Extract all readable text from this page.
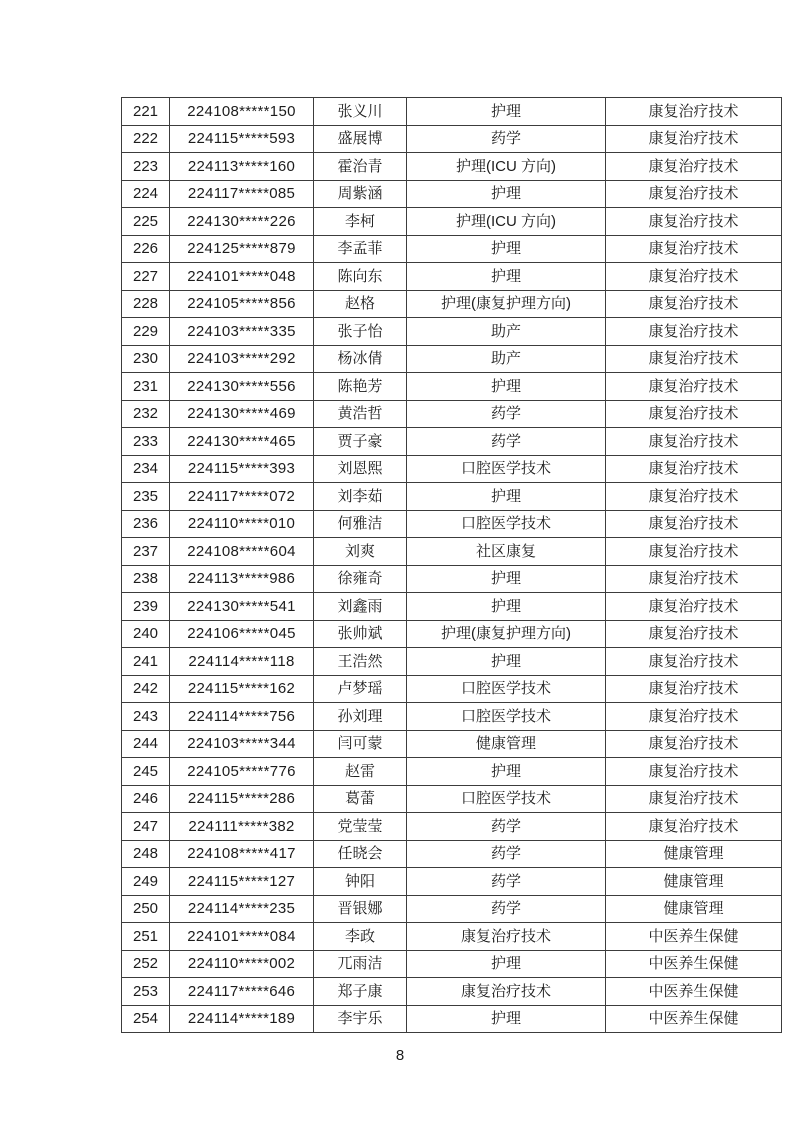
221	224108*****150	张义川	护理	康复治疗技术
222	224115*****593	盛展博	药学	康复治疗技术
223	224113*****160	霍治青	护理(ICU 方向)	康复治疗技术
224	224117*****085	周紫涵	护理	康复治疗技术
225	224130*****226	李柯	护理(ICU 方向)	康复治疗技术
226	224125*****879	李孟菲	护理	康复治疗技术
227	224101*****048	陈向东	护理	康复治疗技术
228	224105*****856	赵格	护理(康复护理方向)	康复治疗技术
229	224103*****335	张子怡	助产	康复治疗技术
230	224103*****292	杨冰倩	助产	康复治疗技术
231	224130*****556	陈艳芳	护理	康复治疗技术
232	224130*****469	黄浩哲	药学	康复治疗技术
233	224130*****465	贾子豪	药学	康复治疗技术
234	224115*****393	刘恩熙	口腔医学技术	康复治疗技术
235	224117*****072	刘李茹	护理	康复治疗技术
236	224110*****010	何雅洁	口腔医学技术	康复治疗技术
237	224108*****604	刘爽	社区康复	康复治疗技术
238	224113*****986	徐雍奇	护理	康复治疗技术
239	224130*****541	刘鑫雨	护理	康复治疗技术
240	224106*****045	张帅斌	护理(康复护理方向)	康复治疗技术
241	224114*****118	王浩然	护理	康复治疗技术
242	224115*****162	卢梦瑶	口腔医学技术	康复治疗技术
243	224114*****756	孙刘理	口腔医学技术	康复治疗技术
244	224103*****344	闫可蒙	健康管理	康复治疗技术
245	224105*****776	赵雷	护理	康复治疗技术
246	224115*****286	葛蕾	口腔医学技术	康复治疗技术
247	224111*****382	党莹莹	药学	康复治疗技术
248	224108*****417	任晓会	药学	健康管理
249	224115*****127	钟阳	药学	健康管理
250	224114*****235	晋银娜	药学	健康管理
251	224101*****084	李政	康复治疗技术	中医养生保健
252	224110*****002	兀雨洁	护理	中医养生保健
253	224117*****646	郑子康	康复治疗技术	中医养生保健
254	224114*****189	李宇乐	护理	中医养生保健
8
